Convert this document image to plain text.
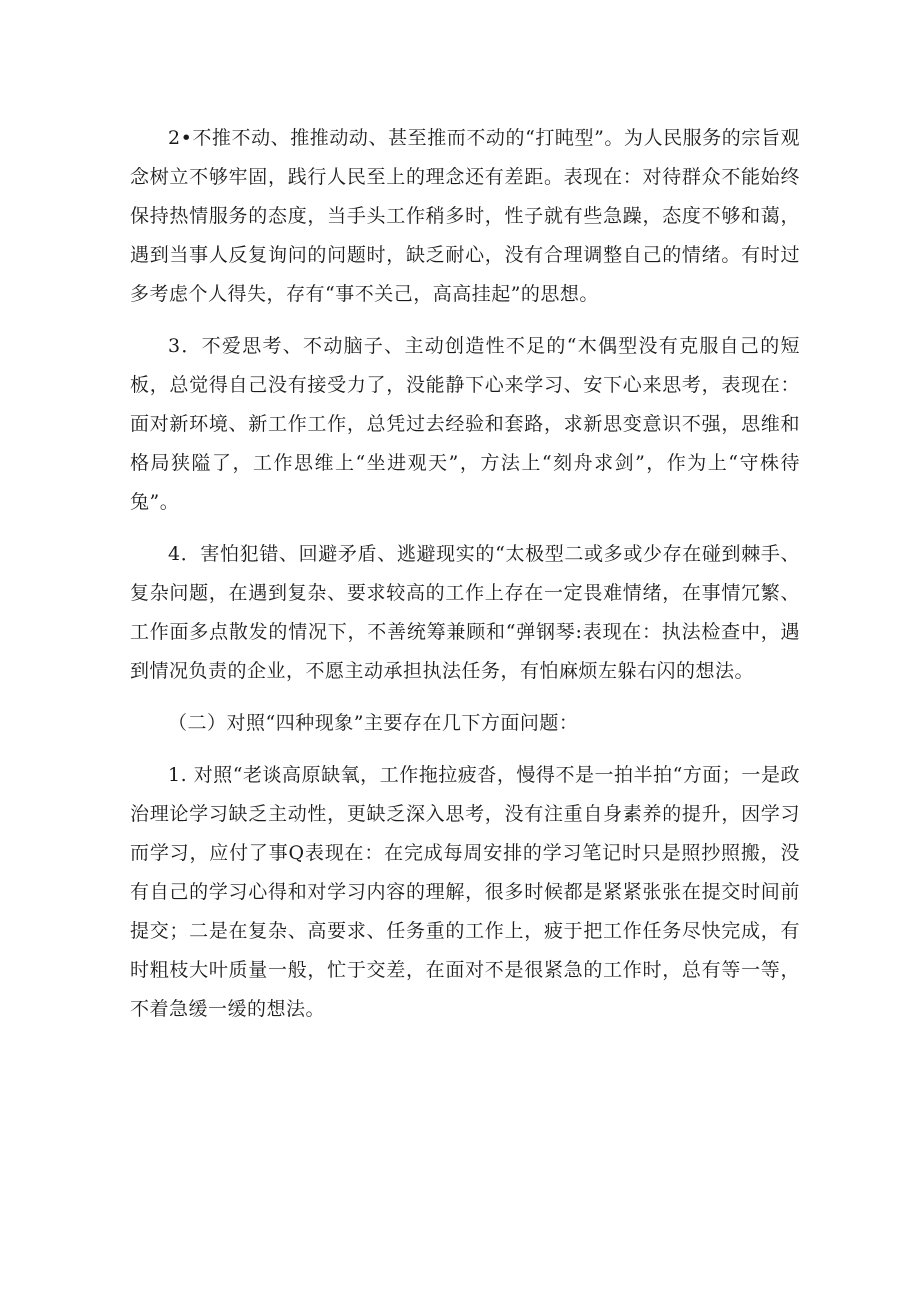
2•不推不动、推推动动、甚至推而不动的“打盹型”。为人民服务的宗旨观念树立不够牢固，践行人民至上的理念还有差距。表现在：对待群众不能始终保持热情服务的态度，当手头工作稍多时，性子就有些急躁，态度不够和蔼，遇到当事人反复询问的问题时，缺乏耐心，没有合理调整自己的情绪。有时过多考虑个人得失，存有“事不关己，高高挂起”的思想。

3．不爱思考、不动脑子、主动创造性不足的“木偶型没有克服自己的短板，总觉得自己没有接受力了，没能静下心来学习、安下心来思考，表现在：面对新环境、新工作工作，总凭过去经验和套路，求新思变意识不强，思维和格局狭隘了，工作思维上“坐进观天”，方法上“刻舟求剑”，作为上“守株待兔”。

4．害怕犯错、回避矛盾、逃避现实的“太极型二或多或少存在碰到棘手、复杂问题，在遇到复杂、要求较高的工作上存在一定畏难情绪，在事情冗繁、工作面多点散发的情况下，不善统筹兼顾和“弹钢琴:表现在：执法检查中，遇到情况负责的企业，不愿主动承担执法任务，有怕麻烦左躲右闪的想法。

（二）对照“四种现象”主要存在几下方面问题：

1. 对照“老谈高原缺氧，工作拖拉疲沓，慢得不是一拍半拍“方面；一是政治理论学习缺乏主动性，更缺乏深入思考，没有注重自身素养的提升，因学习而学习，应付了事Q表现在：在完成每周安排的学习笔记时只是照抄照搬，没有自己的学习心得和对学习内容的理解，很多时候都是紧紧张张在提交时间前提交；二是在复杂、高要求、任务重的工作上，疲于把工作任务尽快完成，有时粗枝大叶质量一般，忙于交差，在面对不是很紧急的工作时，总有等一等，不着急缓一缓的想法。
